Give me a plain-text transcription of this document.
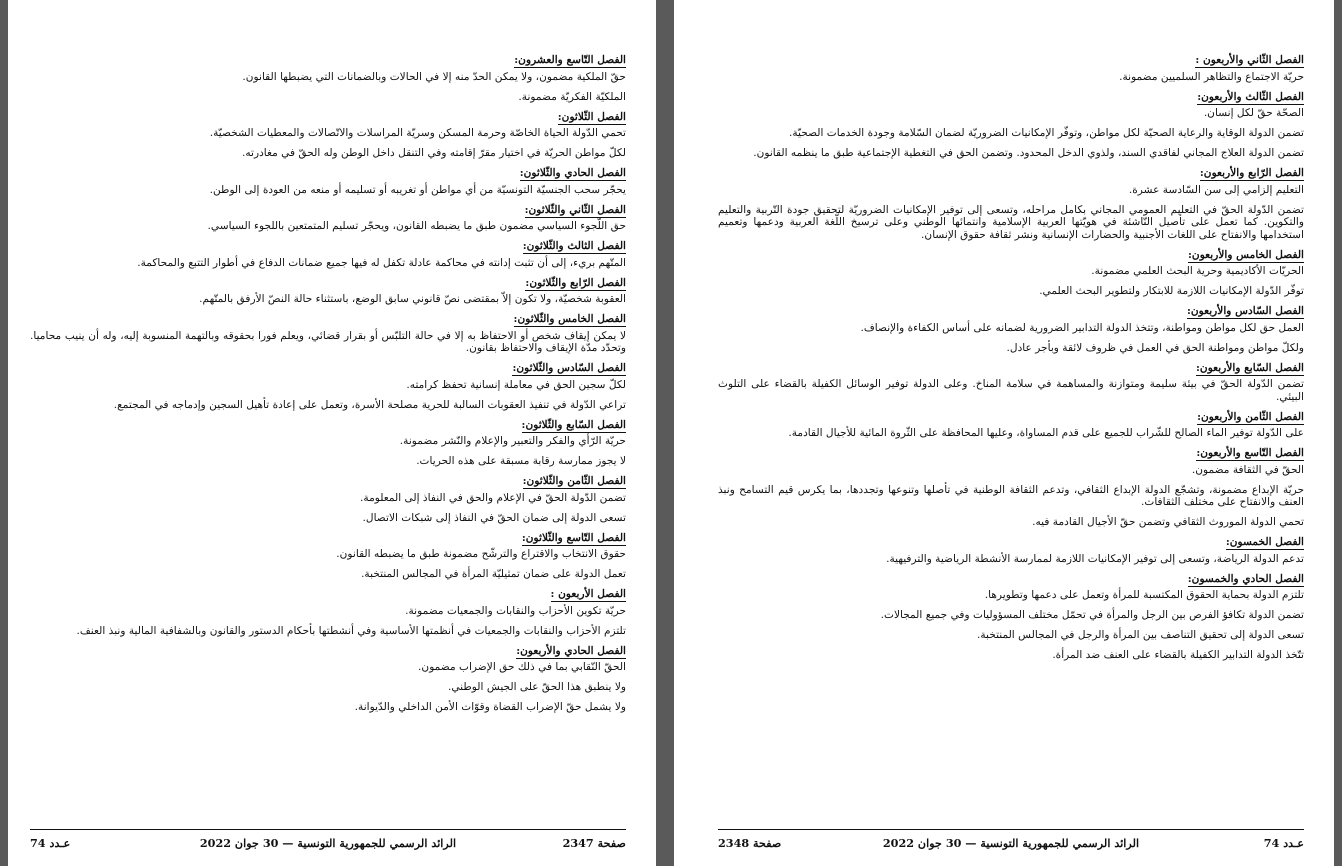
الفصل التّاسع والعشرون:
حقّ الملكية مضمون، ولا يمكن الحدّ منه إلا في الحالات وبالضمانات التي يضبطها القانون.
الملكيّة الفكريّة مضمونة.
الفصل الثّلاثون:
تحمي الدّولة الحياة الخاصّة وحرمة المسكن وسريّة المراسلات والاتّصالات والمعطيات الشخصيّة.
لكلّ مواطن الحريّة في اختيار مقرّ إقامته وفي التنقل داخل الوطن وله الحقّ في مغادرته.
الفصل الحادي والثّلاثون:
يحجّر سحب الجنسيّة التونسيّة من أي مواطن أو تغريبه أو تسليمه أو منعه من العودة إلى الوطن.
الفصل الثّاني والثّلاثون:
حق اللّجوء السياسي مضمون طبق ما يضبطه القانون، ويحجّر تسليم المتمتعين باللجوء السياسي.
الفصل الثالث والثّلاثون:
المتّهم بريء، إلى أن تثبت إدانته في محاكمة عادلة تكفل له فيها جميع ضمانات الدفاع في أطوار التتبع والمحاكمة.
الفصل الرّابع والثّلاثون:
العقوبة شخصيّة، ولا تكون إلاّ بمقتضى نصّ قانوني سابق الوضع، باستثناء حالة النصّ الأرفق بالمتّهم.
الفصل الخامس والثّلاثون:
لا يمكن إيقاف شخص أو الاحتفاظ به إلا في حالة التلبّس أو بقرار قضائي، ويعلم فورا بحقوقه وبالتهمة المنسوبة إليه، وله أن ينيب محاميا. وتحدّد مدّة الإيقاف والاحتفاظ بقانون.
الفصل السّادس والثّلاثون:
لكلّ سجين الحق في معاملة إنسانية تحفظ كرامته.
تراعي الدّولة في تنفيذ العقوبات السالبة للحرية مصلحة الأسرة، وتعمل على إعادة تأهيل السجين وإدماجه في المجتمع.
الفصل السّابع والثّلاثون:
حريّة الرّأي والفكر والتعبير والإعلام والنّشر مضمونة.
لا يجوز ممارسة رقابة مسبقة على هذه الحريات.
الفصل الثّامن والثّلاثون:
تضمن الدّولة الحقّ في الإعلام والحق في النفاذ إلى المعلومة.
تسعى الدولة إلى ضمان الحقّ في النفاذ إلى شبكات الاتصال.
الفصل التّاسع والثّلاثون:
حقوق الانتخاب والاقتراع والترشّح مضمونة طبق ما يضبطه القانون.
تعمل الدولة على ضمان تمثيليّة المرأة في المجالس المنتخبة.
الفصل الأربعون :
حريّة تكوين الأحزاب والنقابات والجمعيات مضمونة.
تلتزم الأحزاب والنقابات والجمعيات في أنظمتها الأساسية وفي أنشطتها بأحكام الدستور والقانون وبالشفافية المالية ونبذ العنف.
الفصل الحادي والأربعون:
الحقّ النّقابي بما في ذلك حق الإضراب مضمون.
ولا ينطبق هذا الحقّ على الجيش الوطني.
ولا يشمل حقّ الإضراب القضاة وقوّات الأمن الداخلي والدّيوانة.
صفحة 2347
الرائد الرسمي للجمهورية التونسية — 30 جوان 2022
عـدد 74
الفصل الثّاني والأربعون :
حريّة الاجتماع والتظاهر السلميين مضمونة.
الفصل الثّالث والأربعون:
الصحّة حقّ لكل إنسان.
تضمن الدولة الوقاية والرعاية الصحيّة لكل مواطن، وتوفّر الإمكانيات الضروريّة لضمان السّلامة وجودة الخدمات الصحيّة.
تضمن الدولة العلاج المجاني لفاقدي السند، ولذوي الدخل المحدود. وتضمن الحق في التغطية الإجتماعية طبق ما ينظمه القانون.
الفصل الرّابع والأربعون:
التعليم إلزامي إلى سن السّادسة عشرة.
تضمن الدّولة الحقّ في التعليم العمومي المجاني بكامل مراحله، وتسعى إلى توفير الإمكانيات الضروريّة لتحقيق جودة التّربية والتعليم والتكوين. كما تعمل على تأصيل النّاشئة في هويّتها العربية الإسلامية وانتمائها الوطني وعلى ترسيخ اللّغة العربية ودعمها وتعميم استخدامها والانفتاح على اللغات الأجنبية والحضارات الإنسانية ونشر ثقافة حقوق الإنسان.
الفصل الخامس والأربعون:
الحريّات الأكاديمية وحرية البحث العلمي مضمونة.
توفّر الدّولة الإمكانيات اللازمة للابتكار ولتطوير البحث العلمي.
الفصل السّادس والأربعون:
العمل حق لكل مواطن ومواطنة، وتتخذ الدولة التدابير الضرورية لضمانه على أساس الكفاءة والإنصاف.
ولكلّ مواطن ومواطنة الحق في العمل في ظروف لائقة وبأجر عادل.
الفصل السّابع والأربعون:
تضمن الدّولة الحقّ في بيئة سليمة ومتوازنة والمساهمة في سلامة المناخ. وعلى الدولة توفير الوسائل الكفيلة بالقضاء على التلوث البيئي.
الفصل الثّامن والأربعون:
على الدّولة توفير الماء الصالح للشّراب للجميع على قدم المساواة، وعليها المحافظة على الثّروة المائية للأجيال القادمة.
الفصل التّاسع والأربعون:
الحقّ في الثقافة مضمون.
حريّة الإبداع مضمونة، وتشجّع الدولة الإبداع الثقافي، وتدعم الثقافة الوطنية في تأصلها وتنوعها وتجددها، بما يكرس قيم التسامح ونبذ العنف والانفتاح على مختلف الثقافات.
تحمي الدولة الموروث الثقافي وتضمن حقّ الأجيال القادمة فيه.
الفصل الخمسون:
تدعم الدولة الرياضة، وتسعى إلى توفير الإمكانيات اللازمة لممارسة الأنشطة الرياضية والترفيهية.
الفصل الحادي والخمسون:
تلتزم الدولة بحماية الحقوق المكتسبة للمرأة وتعمل على دعمها وتطويرها.
تضمن الدولة تكافؤ الفرص بين الرجل والمرأة في تحمّل مختلف المسؤوليات وفي جميع المجالات.
تسعى الدولة إلى تحقيق التناصف بين المرأة والرجل في المجالس المنتخبة.
تتّخذ الدولة التدابير الكفيلة بالقضاء على العنف ضد المرأة.
عـدد 74
الرائد الرسمي للجمهورية التونسية — 30 جوان 2022
صفحة 2348
